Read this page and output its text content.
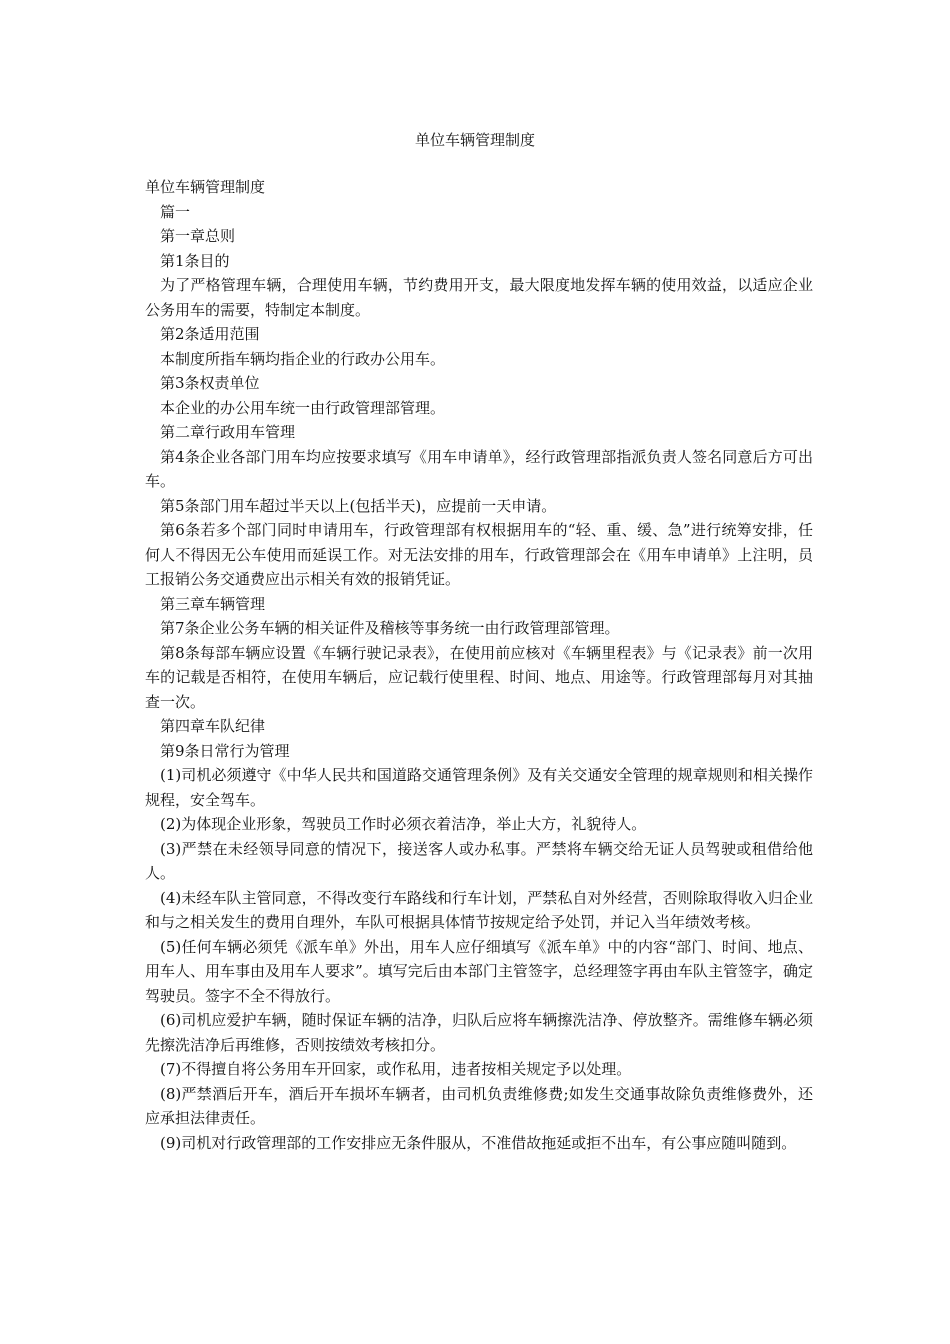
单位车辆管理制度

单位车辆管理制度

篇一

第一章总则

第1条目的

为了严格管理车辆，合理使用车辆，节约费用开支，最大限度地发挥车辆的使用效益，以适应企业公务用车的需要，特制定本制度。

第2条适用范围

本制度所指车辆均指企业的行政办公用车。

第3条权责单位

本企业的办公用车统一由行政管理部管理。

第二章行政用车管理

第4条企业各部门用车均应按要求填写《用车申请单》，经行政管理部指派负责人签名同意后方可出车。

第5条部门用车超过半天以上(包括半天)，应提前一天申请。

第6条若多个部门同时申请用车，行政管理部有权根据用车的“轻、重、缓、急”进行统筹安排，任何人不得因无公车使用而延误工作。对无法安排的用车，行政管理部会在《用车申请单》上注明，员工报销公务交通费应出示相关有效的报销凭证。

第三章车辆管理

第7条企业公务车辆的相关证件及稽核等事务统一由行政管理部管理。

第8条每部车辆应设置《车辆行驶记录表》，在使用前应核对《车辆里程表》与《记录表》前一次用车的记载是否相符，在使用车辆后，应记载行使里程、时间、地点、用途等。行政管理部每月对其抽查一次。

第四章车队纪律

第9条日常行为管理

(1)司机必须遵守《中华人民共和国道路交通管理条例》及有关交通安全管理的规章规则和相关操作规程，安全驾车。

(2)为体现企业形象，驾驶员工作时必须衣着洁净，举止大方，礼貌待人。

(3)严禁在未经领导同意的情况下，接送客人或办私事。严禁将车辆交给无证人员驾驶或租借给他人。

(4)未经车队主管同意，不得改变行车路线和行车计划，严禁私自对外经营，否则除取得收入归企业和与之相关发生的费用自理外，车队可根据具体情节按规定给予处罚，并记入当年绩效考核。

(5)任何车辆必须凭《派车单》外出，用车人应仔细填写《派车单》中的内容“部门、时间、地点、用车人、用车事由及用车人要求”。填写完后由本部门主管签字，总经理签字再由车队主管签字，确定驾驶员。签字不全不得放行。

(6)司机应爱护车辆，随时保证车辆的洁净，归队后应将车辆擦洗洁净、停放整齐。需维修车辆必须先擦洗洁净后再维修，否则按绩效考核扣分。

(7)不得擅自将公务用车开回家，或作私用，违者按相关规定予以处理。

(8)严禁酒后开车，酒后开车损坏车辆者，由司机负责维修费;如发生交通事故除负责维修费外，还应承担法律责任。

(9)司机对行政管理部的工作安排应无条件服从，不准借故拖延或拒不出车，有公事应随叫随到。
